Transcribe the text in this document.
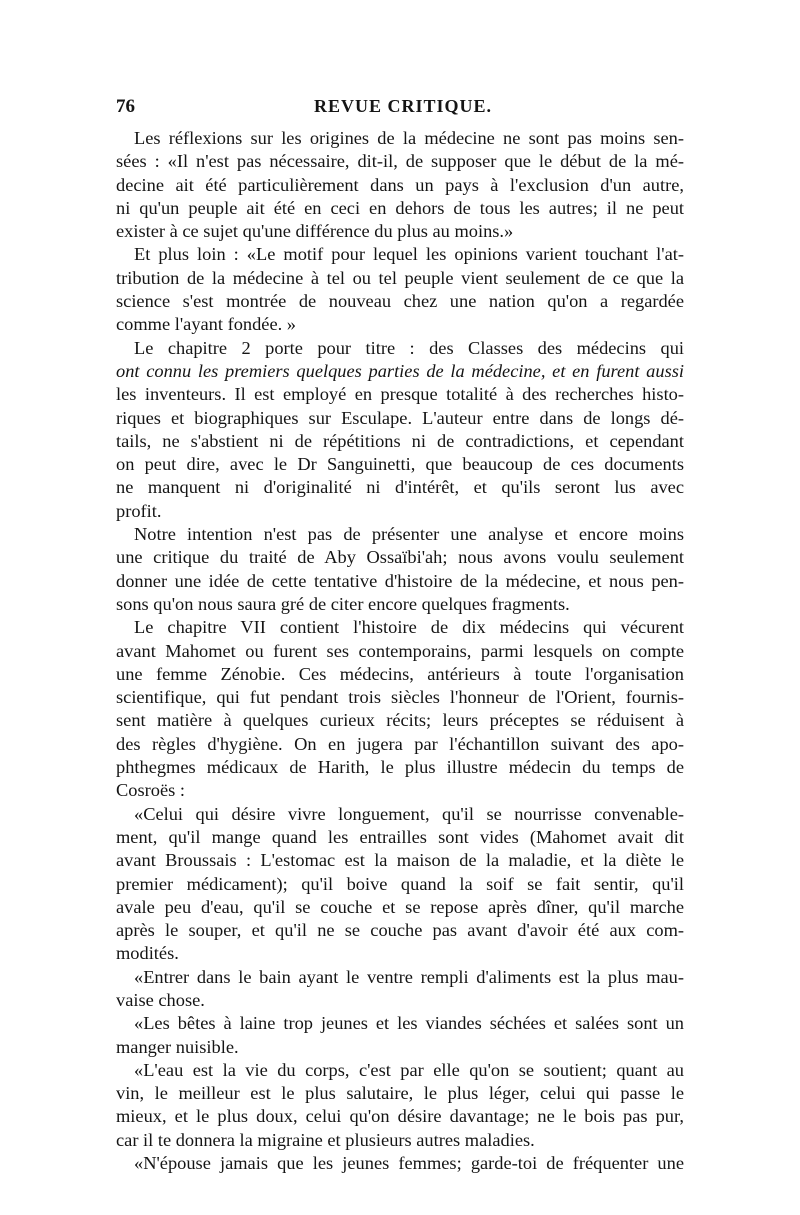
76	REVUE CRITIQUE.
Les réflexions sur les origines de la médecine ne sont pas moins sen-
sées : «Il n'est pas nécessaire, dit-il, de supposer que le début de la mé-
decine ait été particulièrement dans un pays à l'exclusion d'un autre,
ni qu'un peuple ait été en ceci en dehors de tous les autres; il ne peut
exister à ce sujet qu'une différence du plus au moins.»
Et plus loin : «Le motif pour lequel les opinions varient touchant l'at-
tribution de la médecine à tel ou tel peuple vient seulement de ce que la
science s'est montrée de nouveau chez une nation qu'on a regardée
comme l'ayant fondée. »
Le chapitre 2 porte pour titre : des Classes des médecins qui
ont connu les premiers quelques parties de la médecine, et en furent aussi
les inventeurs. Il est employé en presque totalité à des recherches histo-
riques et biographiques sur Esculape. L'auteur entre dans de longs dé-
tails, ne s'abstient ni de répétitions ni de contradictions, et cependant
on peut dire, avec le Dr Sanguinetti, que beaucoup de ces documents
ne manquent ni d'originalité ni d'intérêt, et qu'ils seront lus avec
profit.
Notre intention n'est pas de présenter une analyse et encore moins
une critique du traité de Aby Ossaïbi'ah; nous avons voulu seulement
donner une idée de cette tentative d'histoire de la médecine, et nous pen-
sons qu'on nous saura gré de citer encore quelques fragments.
Le chapitre VII contient l'histoire de dix médecins qui vécurent
avant Mahomet ou furent ses contemporains, parmi lesquels on compte
une femme Zénobie. Ces médecins, antérieurs à toute l'organisation
scientifique, qui fut pendant trois siècles l'honneur de l'Orient, fournis-
sent matière à quelques curieux récits; leurs préceptes se réduisent à
des règles d'hygiène. On en jugera par l'échantillon suivant des apo-
phthegmes médicaux de Harith, le plus illustre médecin du temps de
Cosroës :
«Celui qui désire vivre longuement, qu'il se nourrisse convenable-
ment, qu'il mange quand les entrailles sont vides (Mahomet avait dit
avant Broussais : L'estomac est la maison de la maladie, et la diète le
premier médicament); qu'il boive quand la soif se fait sentir, qu'il
avale peu d'eau, qu'il se couche et se repose après dîner, qu'il marche
après le souper, et qu'il ne se couche pas avant d'avoir été aux com-
modités.
«Entrer dans le bain ayant le ventre rempli d'aliments est la plus mau-
vaise chose.
«Les bêtes à laine trop jeunes et les viandes séchées et salées sont un
manger nuisible.
«L'eau est la vie du corps, c'est par elle qu'on se soutient; quant au
vin, le meilleur est le plus salutaire, le plus léger, celui qui passe le
mieux, et le plus doux, celui qu'on désire davantage; ne le bois pas pur,
car il te donnera la migraine et plusieurs autres maladies.
«N'épouse jamais que les jeunes femmes; garde-toi de fréquenter une
